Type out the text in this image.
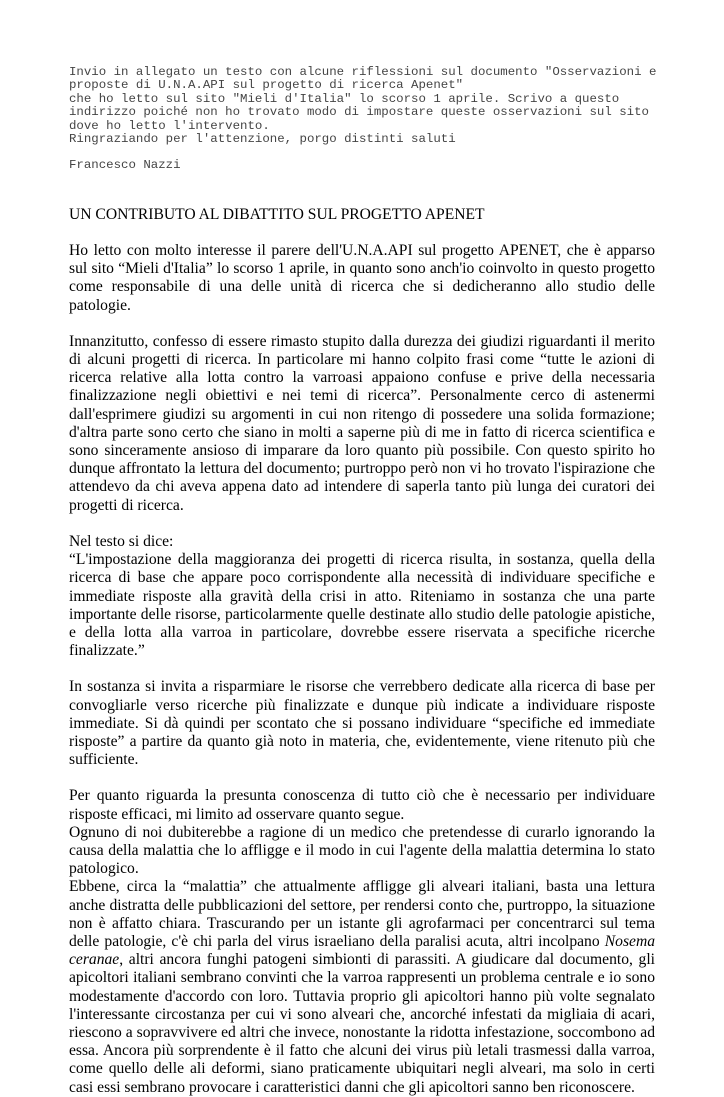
Invio in allegato un testo con alcune riflessioni sul documento "Osservazioni e

proposte di U.N.A.API sul progetto di ricerca Apenet"

che ho letto sul sito "Mieli d'Italia" lo scorso 1 aprile. Scrivo a questo

indirizzo poiché non ho trovato modo di impostare queste osservazioni sul sito

dove ho letto l'intervento.

Ringraziando per l'attenzione, porgo distinti saluti

Francesco Nazzi

UN CONTRIBUTO AL DIBATTITO SUL PROGETTO APENET

Ho letto con molto interesse il parere dell'U.N.A.API sul progetto APENET, che è apparso sul sito “Mieli d'Italia” lo scorso 1 aprile, in quanto sono anch'io coinvolto in questo progetto come responsabile di una delle unità di ricerca che si dedicheranno allo studio delle patologie.

Innanzitutto, confesso di essere rimasto stupito dalla durezza dei giudizi riguardanti il merito di alcuni progetti di ricerca. In particolare mi hanno colpito frasi come “tutte le azioni di ricerca relative alla lotta contro la varroasi appaiono confuse e prive della necessaria finalizzazione negli obiettivi e nei temi di ricerca”. Personalmente cerco di astenermi dall'esprimere giudizi su argomenti in cui non ritengo di possedere una solida formazione; d'altra parte sono certo che siano in molti a saperne più di me in fatto di ricerca scientifica e sono sinceramente ansioso di imparare da loro quanto più possibile. Con questo spirito ho dunque affrontato la lettura del documento; purtroppo però non vi ho trovato l'ispirazione che attendevo da chi aveva appena dato ad intendere di saperla tanto più lunga dei curatori dei progetti di ricerca.

Nel testo si dice:

“L'impostazione della maggioranza dei progetti di ricerca risulta, in sostanza, quella della ricerca di base che appare poco corrispondente alla necessità di individuare specifiche e immediate risposte alla gravità della crisi in atto. Riteniamo in sostanza che una parte importante delle risorse, particolarmente quelle destinate allo studio delle patologie apistiche, e della lotta alla varroa in particolare, dovrebbe essere riservata a specifiche ricerche finalizzate.”

In sostanza si invita a risparmiare le risorse che verrebbero dedicate alla ricerca di base per convogliarle verso ricerche più finalizzate e dunque più indicate a individuare risposte immediate. Si dà quindi per scontato che si possano individuare “specifiche ed immediate risposte” a partire da quanto già noto in materia, che, evidentemente, viene ritenuto più che sufficiente.

Per quanto riguarda la presunta conoscenza di tutto ciò che è necessario per individuare risposte efficaci, mi limito ad osservare quanto segue.

Ognuno di noi dubiterebbe a ragione di un medico che pretendesse di curarlo ignorando la causa della malattia che lo affligge e il modo in cui l'agente della malattia determina lo stato patologico.

Ebbene, circa la “malattia” che attualmente affligge gli alveari italiani, basta una lettura anche distratta delle pubblicazioni del settore, per rendersi conto che, purtroppo, la situazione non è affatto chiara. Trascurando per un istante gli agrofarmaci per concentrarci sul tema delle patologie, c'è chi parla del virus israeliano della paralisi acuta, altri incolpano Nosema ceranae, altri ancora funghi patogeni simbionti di parassiti. A giudicare dal documento, gli apicoltori italiani sembrano convinti che la varroa rappresenti un problema centrale e io sono modestamente d'accordo con loro. Tuttavia proprio gli apicoltori hanno più volte segnalato l'interessante circostanza per cui vi sono alveari che, ancorché infestati da migliaia di acari, riescono a sopravvivere ed altri che invece, nonostante la ridotta infestazione, soccombono ad essa. Ancora più sorprendente è il fatto che alcuni dei virus più letali trasmessi dalla varroa, come quello delle ali deformi, siano praticamente ubiquitari negli alveari, ma solo in certi casi essi sembrano provocare i caratteristici danni che gli apicoltori sanno ben riconoscere.
